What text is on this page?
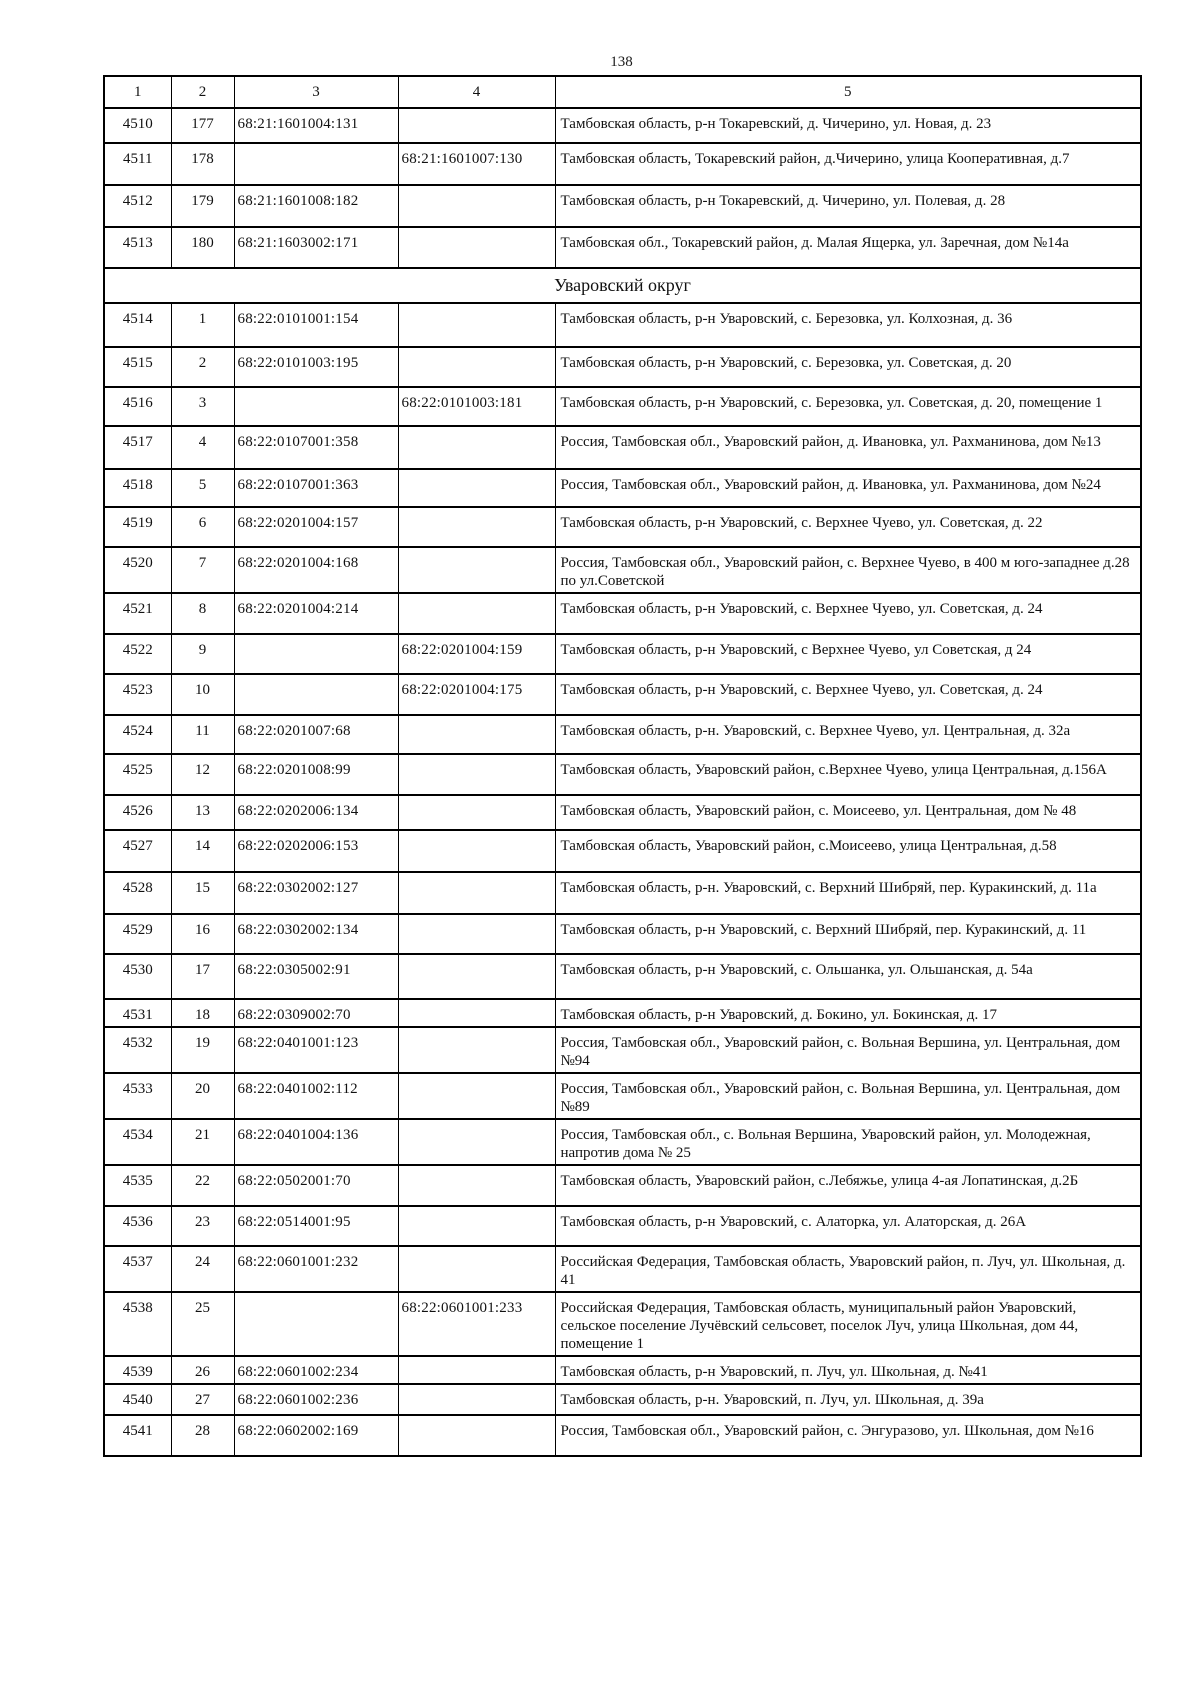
138
1	2	3	4	5
4510	177	68:21:1601004:131		Тамбовская область, р-н Токаревский, д. Чичерино, ул. Новая, д. 23
4511	178		68:21:1601007:130	Тамбовская область, Токаревский район, д.Чичерино, улица Кооперативная, д.7
4512	179	68:21:1601008:182		Тамбовская область, р-н Токаревский, д. Чичерино, ул. Полевая, д. 28
4513	180	68:21:1603002:171		Тамбовская обл., Токаревский район, д. Малая Ящерка, ул. Заречная, дом №14а
Уваровский округ				
4514	1	68:22:0101001:154		Тамбовская область, р-н Уваровский, с. Березовка, ул. Колхозная, д. 36
4515	2	68:22:0101003:195		Тамбовская область, р-н Уваровский, с. Березовка, ул. Советская, д. 20
4516	3		68:22:0101003:181	Тамбовская область, р-н Уваровский, с. Березовка, ул. Советская, д. 20, помещение 1
4517	4	68:22:0107001:358		Россия, Тамбовская обл., Уваровский район, д. Ивановка, ул. Рахманинова, дом №13
4518	5	68:22:0107001:363		Россия, Тамбовская обл., Уваровский район, д. Ивановка, ул. Рахманинова, дом №24
4519	6	68:22:0201004:157		Тамбовская область, р-н Уваровский, с. Верхнее Чуево, ул. Советская, д. 22
4520	7	68:22:0201004:168		Россия, Тамбовская обл., Уваровский район, с. Верхнее Чуево, в 400 м юго-западнее д.28 по ул.Советской
4521	8	68:22:0201004:214		Тамбовская область, р-н Уваровский, с. Верхнее Чуево, ул. Советская, д. 24
4522	9		68:22:0201004:159	Тамбовская область, р-н Уваровский, с Верхнее Чуево, ул Советская, д 24
4523	10		68:22:0201004:175	Тамбовская область, р-н Уваровский, с. Верхнее Чуево, ул. Советская, д. 24
4524	11	68:22:0201007:68		Тамбовская область, р-н. Уваровский, с. Верхнее Чуево, ул. Центральная, д. 32а
4525	12	68:22:0201008:99		Тамбовская область, Уваровский район, с.Верхнее Чуево, улица Центральная, д.156А
4526	13	68:22:0202006:134		Тамбовская область, Уваровский район, с. Моисеево, ул. Центральная, дом № 48
4527	14	68:22:0202006:153		Тамбовская область, Уваровский район, с.Моисеево, улица Центральная, д.58
4528	15	68:22:0302002:127		Тамбовская область, р-н. Уваровский, с. Верхний Шибряй, пер. Куракинский, д. 11а
4529	16	68:22:0302002:134		Тамбовская область, р-н Уваровский, с. Верхний Шибряй, пер. Куракинский, д. 11
4530	17	68:22:0305002:91		Тамбовская область, р-н Уваровский, с. Ольшанка, ул. Ольшанская, д. 54а
4531	18	68:22:0309002:70		Тамбовская область, р-н Уваровский, д. Бокино, ул. Бокинская, д. 17
4532	19	68:22:0401001:123		Россия, Тамбовская обл., Уваровский район, с. Вольная Вершина, ул. Центральная, дом №94
4533	20	68:22:0401002:112		Россия, Тамбовская обл., Уваровский район, с. Вольная Вершина, ул. Центральная, дом №89
4534	21	68:22:0401004:136		Россия, Тамбовская обл., с. Вольная Вершина, Уваровский район, ул. Молодежная, напротив дома № 25
4535	22	68:22:0502001:70		Тамбовская область, Уваровский район, с.Лебяжье, улица 4-ая Лопатинская, д.2Б
4536	23	68:22:0514001:95		Тамбовская область, р-н Уваровский, с. Алаторка, ул. Алаторская, д. 26А
4537	24	68:22:0601001:232		Российская Федерация, Тамбовская область, Уваровский район, п. Луч, ул. Школьная, д. 41
4538	25		68:22:0601001:233	Российская Федерация, Тамбовская область, муниципальный район Уваровский, сельское поселение Лучёвский сельсовет, поселок Луч, улица Школьная, дом 44, помещение 1
4539	26	68:22:0601002:234		Тамбовская область, р-н Уваровский, п. Луч, ул. Школьная, д. №41
4540	27	68:22:0601002:236		Тамбовская область, р-н. Уваровский, п. Луч, ул. Школьная, д. 39а
4541	28	68:22:0602002:169		Россия, Тамбовская обл., Уваровский район, с. Энгуразово, ул. Школьная, дом №16
